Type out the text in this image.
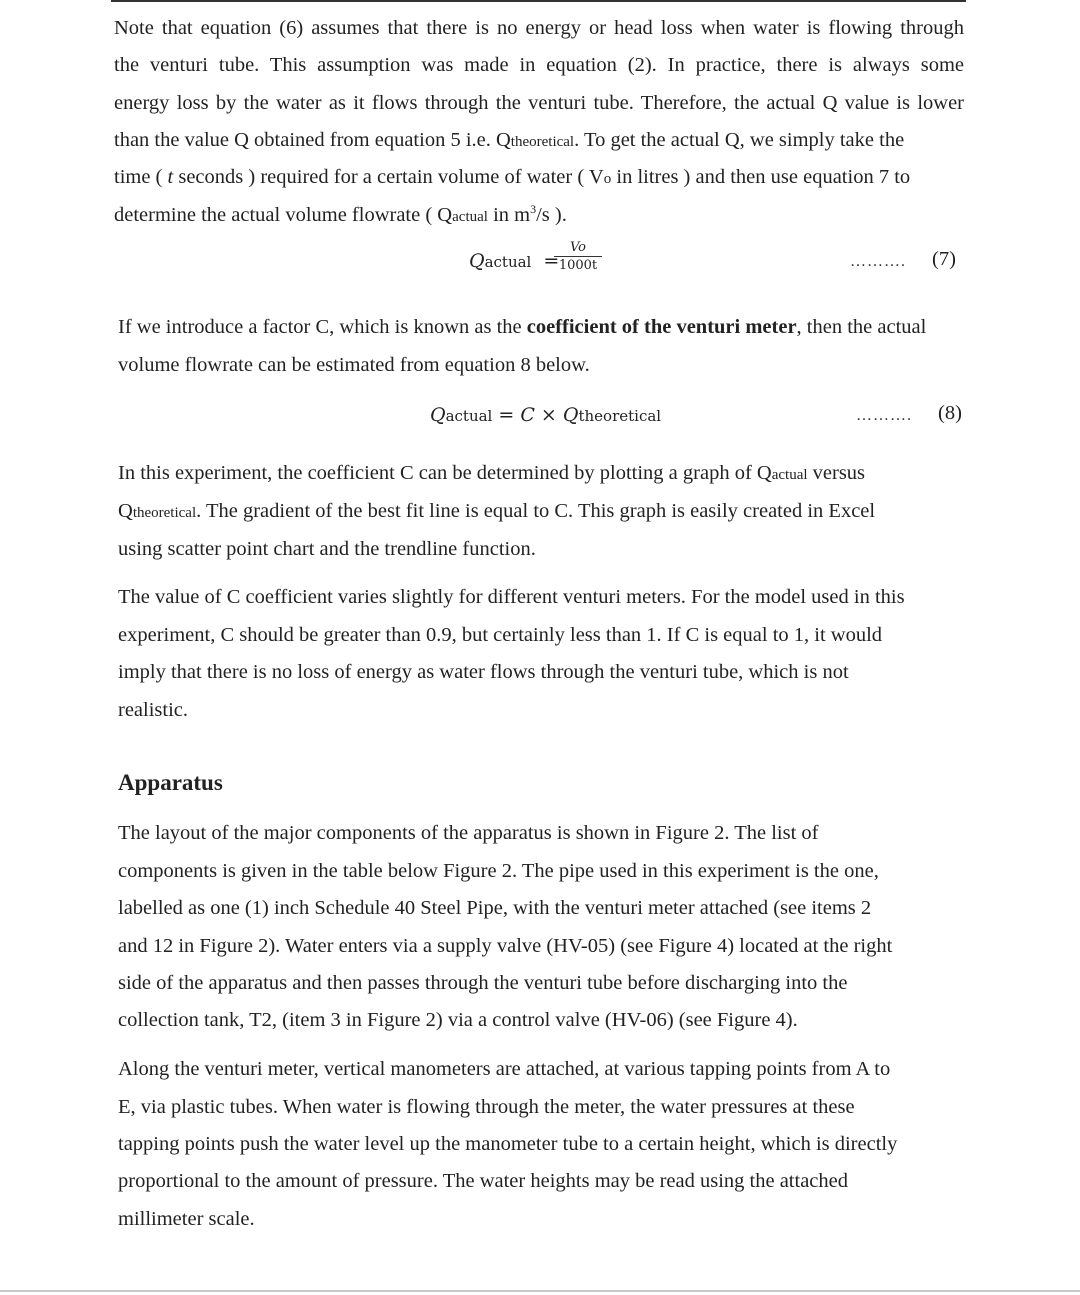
Note that equation (6) assumes that there is no energy or head loss when water is flowing through
the venturi tube. This assumption was made in equation (2). In practice, there is always some
energy loss by the water as it flows through the venturi tube. Therefore, the actual Q value is lower
than the value Q obtained from equation 5 i.e. Qtheoretical. To get the actual Q, we simply take the
time ( t seconds ) required for a certain volume of water ( Vo in litres ) and then use equation 7 to
determine the actual volume flowrate ( Qactual in $m^3/s$ ).
Qactual =
$\frac{Vo}{1000t}$	………. (7)
If we introduce a factor C, which is known as the coefficient of the venturi meter, then the actual
volume flowrate can be estimated from equation 8 below.
Qactual = C × Qtheoretical	………. (8)
In this experiment, the coefficient C can be determined by plotting a graph of Qactual versus
Qtheoretical. The gradient of the best fit line is equal to C. This graph is easily created in Excel
using scatter point chart and the trendline function.
The value of C coefficient varies slightly for different venturi meters. For the model used in this
experiment, C should be greater than 0.9, but certainly less than 1. If C is equal to 1, it would
imply that there is no loss of energy as water flows through the venturi tube, which is not
realistic.
Apparatus
The layout of the major components of the apparatus is shown in Figure 2. The list of
components is given in the table below Figure 2. The pipe used in this experiment is the one,
labelled as one (1) inch Schedule 40 Steel Pipe, with the venturi meter attached (see items 2
and 12 in Figure 2). Water enters via a supply valve (HV-05) (see Figure 4) located at the right
side of the apparatus and then passes through the venturi tube before discharging into the
collection tank, T2, (item 3 in Figure 2) via a control valve (HV-06) (see Figure 4).
Along the venturi meter, vertical manometers are attached, at various tapping points from A to
E, via plastic tubes. When water is flowing through the meter, the water pressures at these
tapping points push the water level up the manometer tube to a certain height, which is directly
proportional to the amount of pressure. The water heights may be read using the attached
millimeter scale.
